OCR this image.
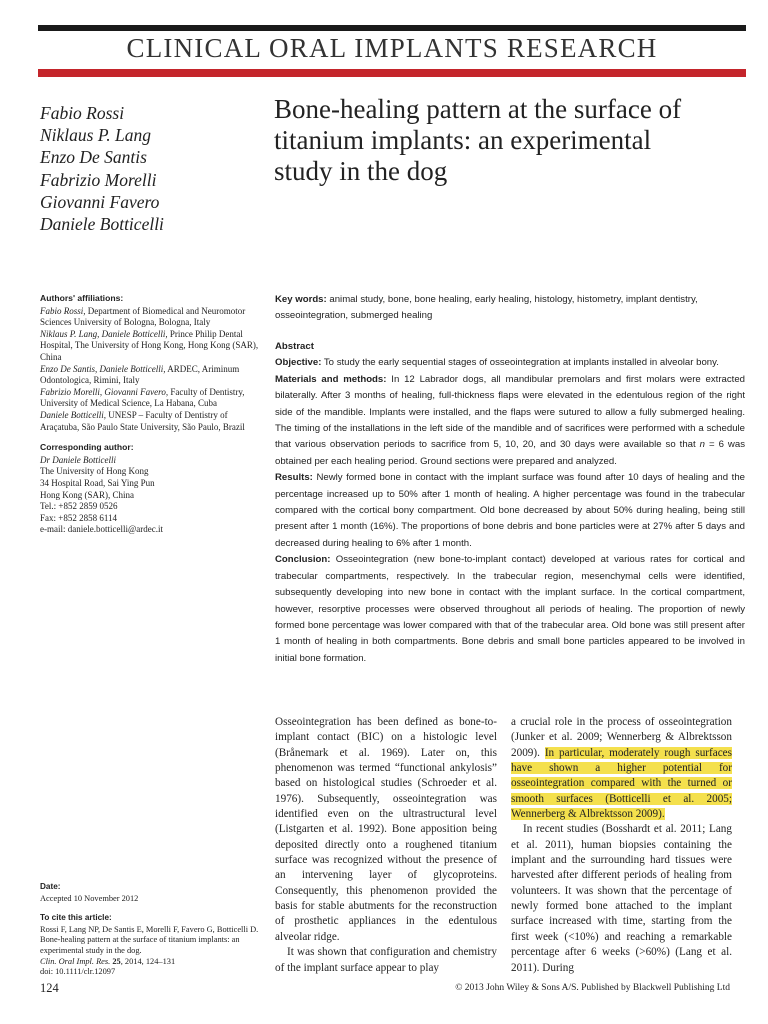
CLINICAL ORAL IMPLANTS RESEARCH
Fabio Rossi
Niklaus P. Lang
Enzo De Santis
Fabrizio Morelli
Giovanni Favero
Daniele Botticelli
Bone-healing pattern at the surface of
titanium implants: an experimental
study in the dog
Authors' affiliations:
Fabio Rossi, Department of Biomedical and Neuromotor Sciences University of Bologna, Bologna, Italy
Niklaus P. Lang, Daniele Botticelli, Prince Philip Dental Hospital, The University of Hong Kong, Hong Kong (SAR), China
Enzo De Santis, Daniele Botticelli, ARDEC, Ariminum Odontologica, Rimini, Italy
Fabrizio Morelli, Giovanni Favero, Faculty of Dentistry, University of Medical Science, La Habana, Cuba
Daniele Botticelli, UNESP – Faculty of Dentistry of Araçatuba, São Paulo State University, São Paulo, Brazil
Corresponding author:
Dr Daniele Botticelli
The University of Hong Kong
34 Hospital Road, Sai Ying Pun
Hong Kong (SAR), China
Tel.: +852 2859 0526
Fax: +852 2858 6114
e-mail: daniele.botticelli@ardec.it
Date:
Accepted 10 November 2012
To cite this article:
Rossi F, Lang NP, De Santis E, Morelli F, Favero G, Botticelli D. Bone-healing pattern at the surface of titanium implants: an experimental study in the dog.
Clin. Oral Impl. Res. 25, 2014, 124–131
doi: 10.1111/clr.12097
Key words: animal study, bone, bone healing, early healing, histology, histometry, implant dentistry, osseointegration, submerged healing
Abstract

Objective: To study the early sequential stages of osseointegration at implants installed in alveolar bony.

Materials and methods: In 12 Labrador dogs, all mandibular premolars and first molars were extracted bilaterally. After 3 months of healing, full-thickness flaps were elevated in the edentulous region of the right side of the mandible. Implants were installed, and the flaps were sutured to allow a fully submerged healing. The timing of the installations in the left side of the mandible and of sacrifices were performed with a schedule that various observation periods to sacrifice from 5, 10, 20, and 30 days were available so that n = 6 was obtained per each healing period. Ground sections were prepared and analyzed.

Results: Newly formed bone in contact with the implant surface was found after 10 days of healing and the percentage increased up to 50% after 1 month of healing. A higher percentage was found in the trabecular compared with the cortical bony compartment. Old bone decreased by about 50% during healing, being still present after 1 month (16%). The proportions of bone debris and bone particles were at 27% after 5 days and decreased during healing to 6% after 1 month.

Conclusion: Osseointegration (new bone-to-implant contact) developed at various rates for cortical and trabecular compartments, respectively. In the trabecular region, mesenchymal cells were identified, subsequently developing into new bone in contact with the implant surface. In the cortical compartment, however, resorptive processes were observed throughout all periods of healing. The proportion of newly formed bone percentage was lower compared with that of the trabecular area. Old bone was still present after 1 month of healing in both compartments. Bone debris and small bone particles appeared to be involved in initial bone formation.

Osseointegration has been defined as bone-to-implant contact (BIC) on a histologic level (Brånemark et al. 1969). Later on, this phenomenon was termed “functional ankylosis” based on histological studies (Schroeder et al. 1976). Subsequently, osseointegration was identified even on the ultrastructural level (Listgarten et al. 1992). Bone apposition being deposited directly onto a roughened titanium surface was recognized without the presence of an intervening layer of glycoproteins. Consequently, this phenomenon provided the basis for stable abutments for the reconstruction of prosthetic appliances in the edentulous alveolar ridge.

It was shown that configuration and chemistry of the implant surface appear to play

a crucial role in the process of osseointegration (Junker et al. 2009; Wennerberg & Albrektsson 2009). In particular, moderately rough surfaces have shown a higher potential for osseointegration compared with the turned or smooth surfaces (Botticelli et al. 2005; Wennerberg & Albrektsson 2009).

In recent studies (Bosshardt et al. 2011; Lang et al. 2011), human biopsies containing the implant and the surrounding hard tissues were harvested after different periods of healing from volunteers. It was shown that the percentage of newly formed bone attached to the implant surface increased with time, starting from the first week (<10%) and reaching a remarkable percentage after 6 weeks (>60%) (Lang et al. 2011). During

124	© 2013 John Wiley & Sons A/S. Published by Blackwell Publishing Ltd
